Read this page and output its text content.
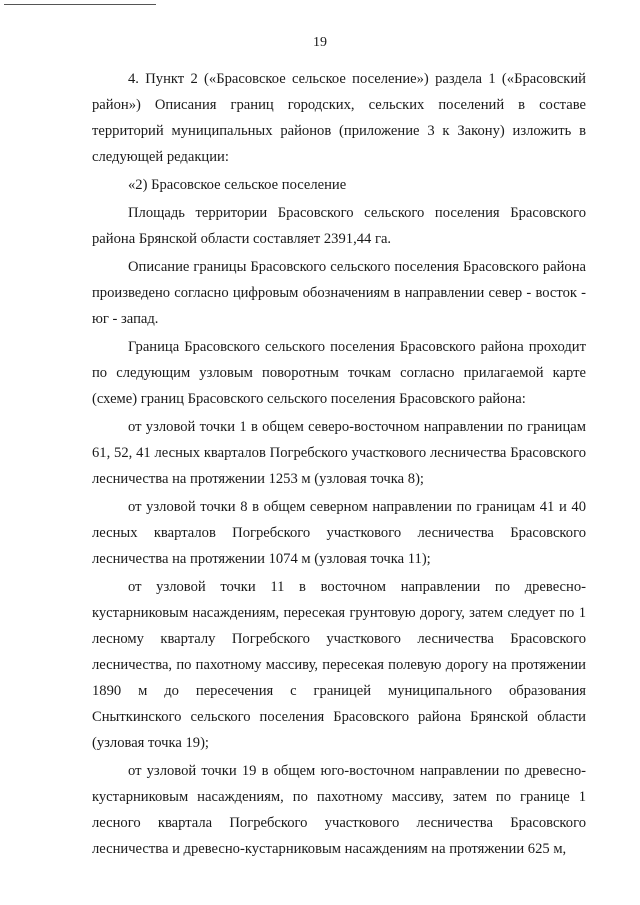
19

4. Пункт 2 («Брасовское сельское поселение») раздела 1 («Брасовский район») Описания границ городских, сельских поселений в составе территорий муниципальных районов (приложение 3 к Закону) изложить в следующей редакции:

«2) Брасовское сельское поселение

Площадь территории Брасовского сельского поселения Брасовского района Брянской области составляет 2391,44 га.

Описание границы Брасовского сельского поселения Брасовского района произведено согласно цифровым обозначениям в направлении север - восток - юг - запад.

Граница Брасовского сельского поселения Брасовского района проходит по следующим узловым поворотным точкам согласно прилагаемой карте (схеме) границ Брасовского сельского поселения Брасовского района:

от узловой точки 1 в общем северо-восточном направлении по границам 61, 52, 41 лесных кварталов Погребского участкового лесничества Брасовского лесничества на протяжении 1253 м (узловая точка 8);

от узловой точки 8 в общем северном направлении по границам 41 и 40 лесных кварталов Погребского участкового лесничества Брасовского лесничества на протяжении 1074 м (узловая точка 11);

от узловой точки 11 в восточном направлении по древесно-кустарниковым насаждениям, пересекая грунтовую дорогу, затем следует по 1 лесному кварталу Погребского участкового лесничества Брасовского лесничества, по пахотному массиву, пересекая полевую дорогу на протяжении 1890 м до пересечения с границей муниципального образования Сныткинского сельского поселения Брасовского района Брянской области (узловая точка 19);

от узловой точки 19 в общем юго-восточном направлении по древесно-кустарниковым насаждениям, по пахотному массиву, затем по границе 1 лесного квартала Погребского участкового лесничества Брасовского лесничества и древесно-кустарниковым насаждениям на протяжении 625 м,
